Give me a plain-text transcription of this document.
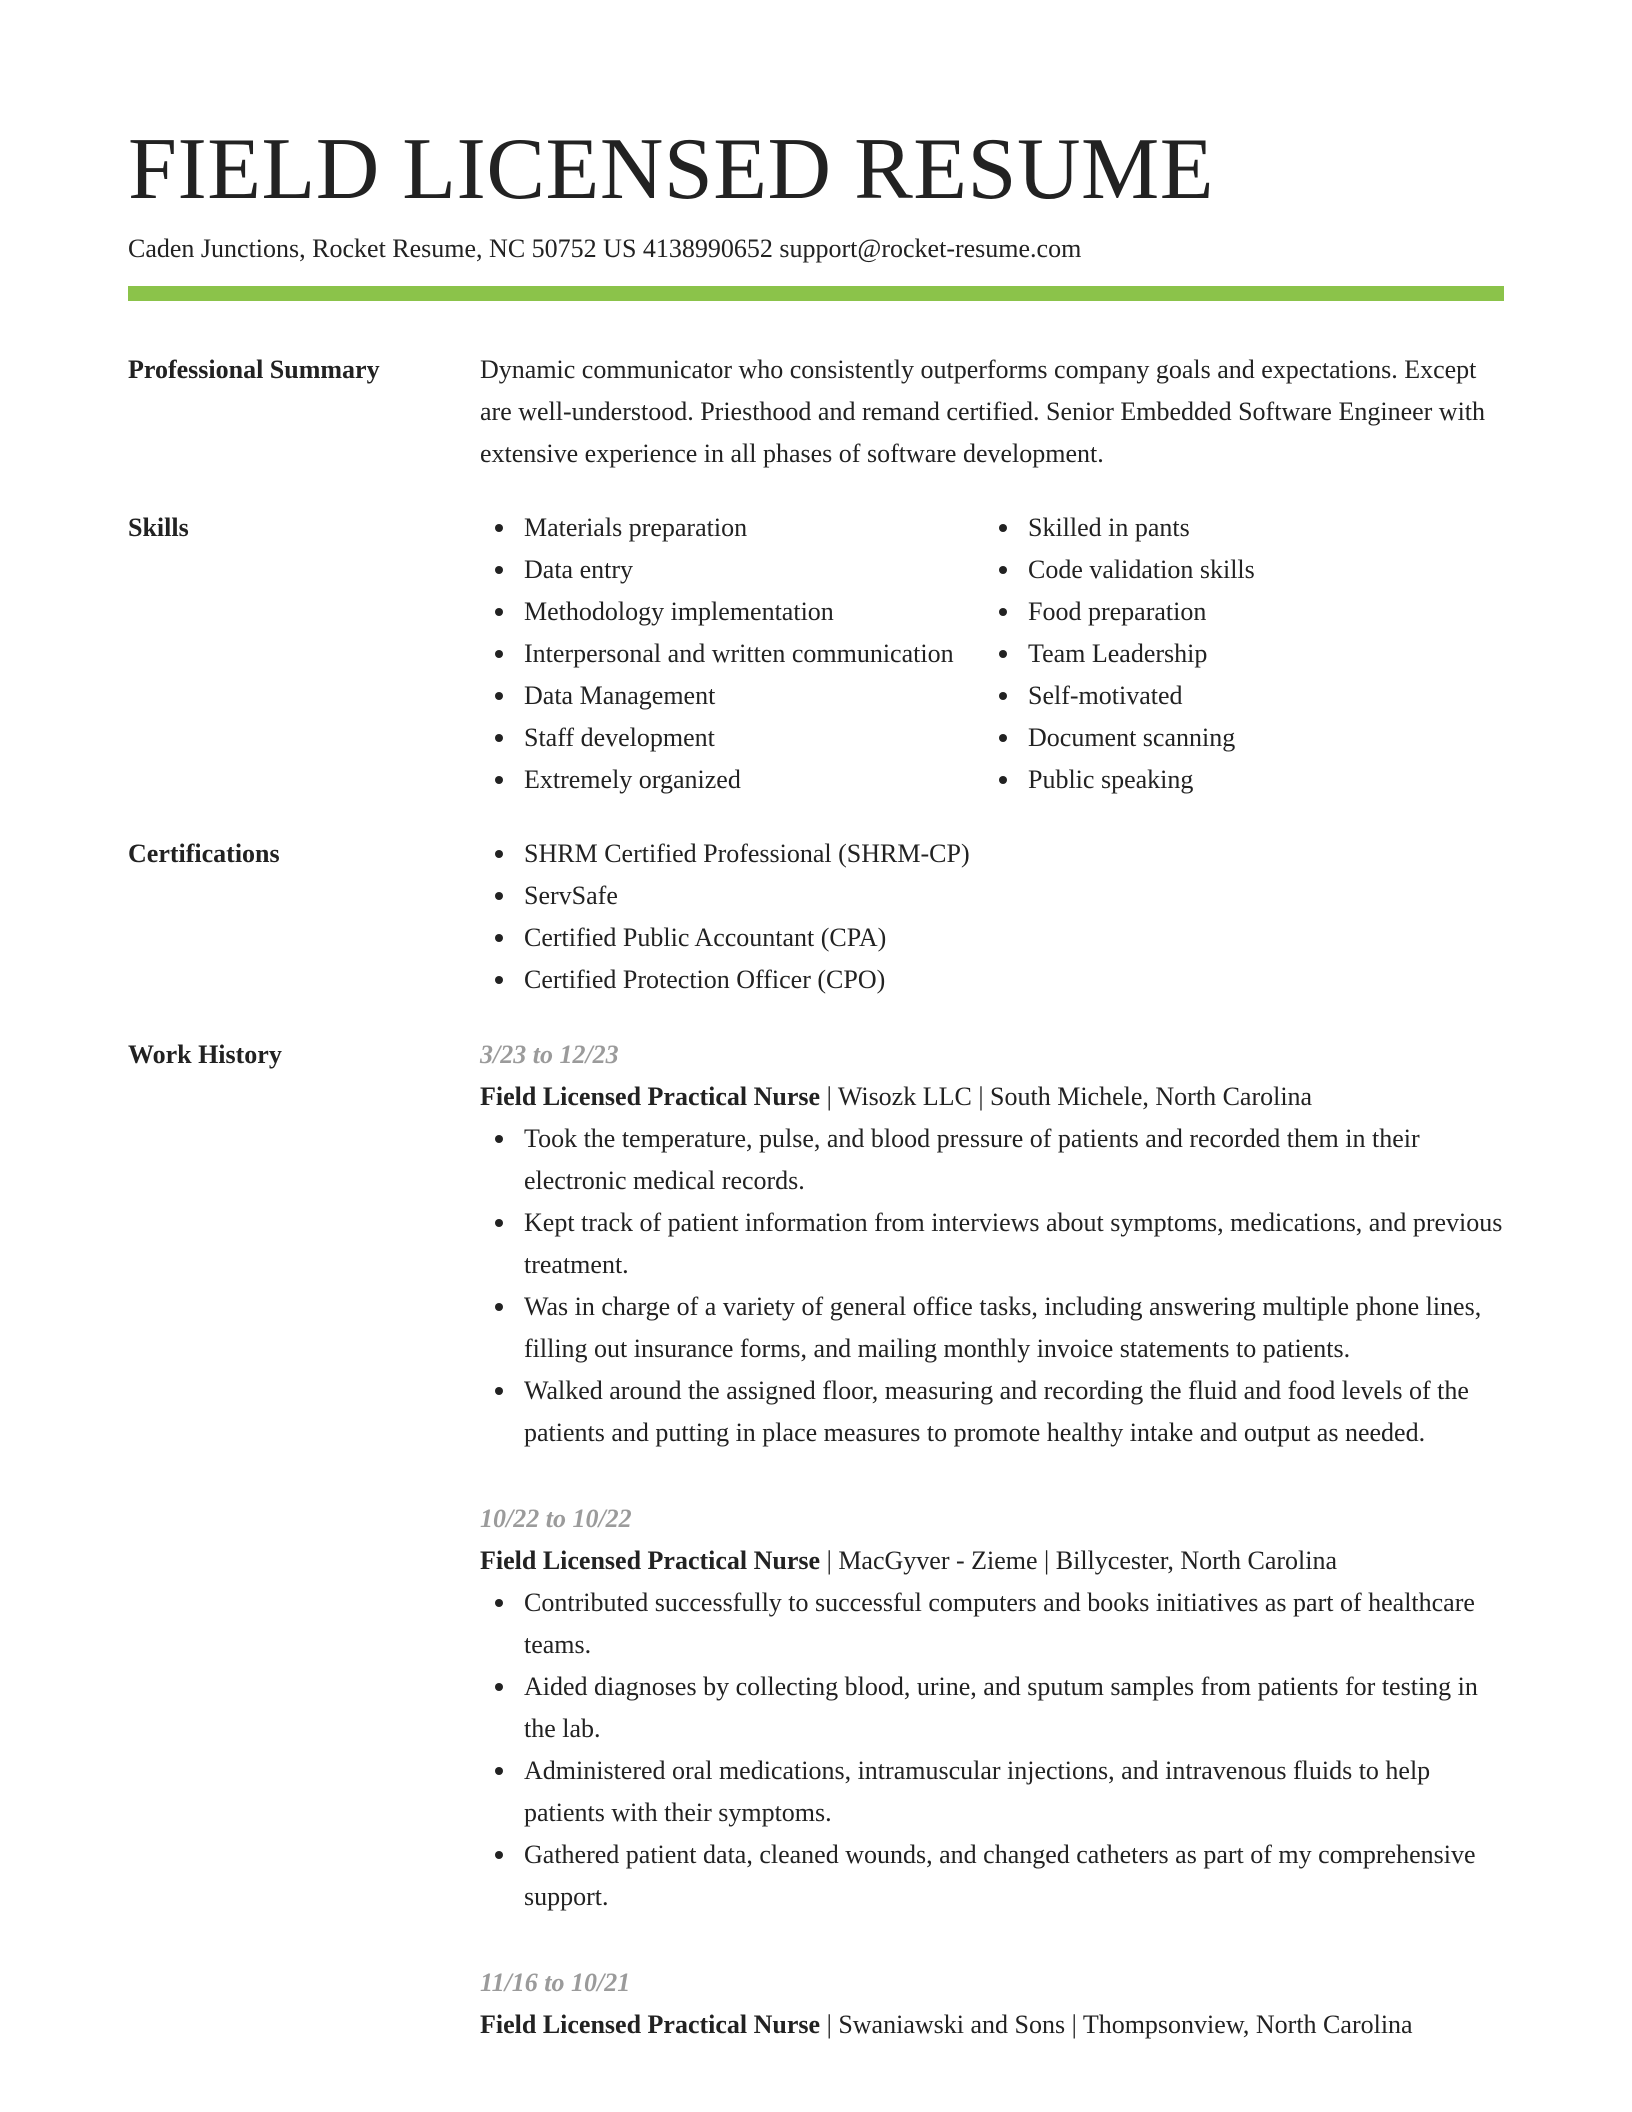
FIELD LICENSED RESUME
Caden Junctions, Rocket Resume, NC 50752 US 4138990652 support@rocket-resume.com
Professional Summary	Dynamic communicator who consistently outperforms company goals and expectations. Except are well-understood. Priesthood and remand certified. Senior Embedded Software Engineer with extensive experience in all phases of software development.

Skills	Materials preparation
Data entry
Methodology implementation
Interpersonal and written communication
Data Management
Staff development
Extremely organized
Skilled in pants
Code validation skills
Food preparation
Team Leadership
Self-motivated
Document scanning
Public speaking
Certifications	SHRM Certified Professional (SHRM-CP)
ServSafe
Certified Public Accountant (CPA)
Certified Protection Officer (CPO)
Work History	3/23 to 12/23
Field Licensed Practical Nurse | Wisozk LLC | South Michele, North Carolina
Took the temperature, pulse, and blood pressure of patients and recorded them in their electronic medical records.
Kept track of patient information from interviews about symptoms, medications, and previous treatment.
Was in charge of a variety of general office tasks, including answering multiple phone lines, filling out insurance forms, and mailing monthly invoice statements to patients.
Walked around the assigned floor, measuring and recording the fluid and food levels of the patients and putting in place measures to promote healthy intake and output as needed.
10/22 to 10/22
Field Licensed Practical Nurse | MacGyver - Zieme | Billycester, North Carolina
Contributed successfully to successful computers and books initiatives as part of healthcare teams.
Aided diagnoses by collecting blood, urine, and sputum samples from patients for testing in the lab.
Administered oral medications, intramuscular injections, and intravenous fluids to help patients with their symptoms.
Gathered patient data, cleaned wounds, and changed catheters as part of my comprehensive support.
11/16 to 10/21
Field Licensed Practical Nurse | Swaniawski and Sons | Thompsonview, North Carolina
